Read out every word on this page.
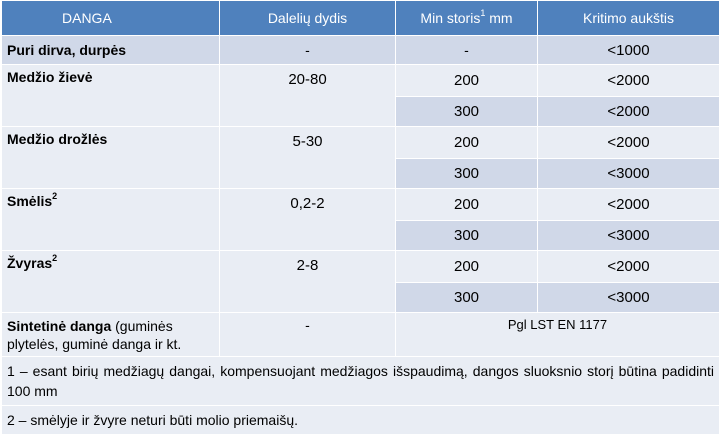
DANGA	Dalelių dydis	Min storis$^1$ mm	Kritimo aukštis
Puri dirva, durpės	-	-	<1000
Medžio žievė	20-80	200	<2000
		300	<2000
Medžio drožlės	5-30	200	<2000
		300	<3000
Smėlis$^2$	0,2-2	200	<2000
		300	<3000
Žvyras$^2$	2-8	200	<2000
		300	<3000
Sintetinė danga (guminės plytelės, guminė danga ir kt.	-	Pgl LST EN 1177	
1 – esant birių medžiagų dangai, kompensuojant medžiagos išspaudimą, dangos sluoksnio storį būtina padidinti 100 mm			
2 – smėlyje ir žvyre neturi būti molio priemaišų.			
